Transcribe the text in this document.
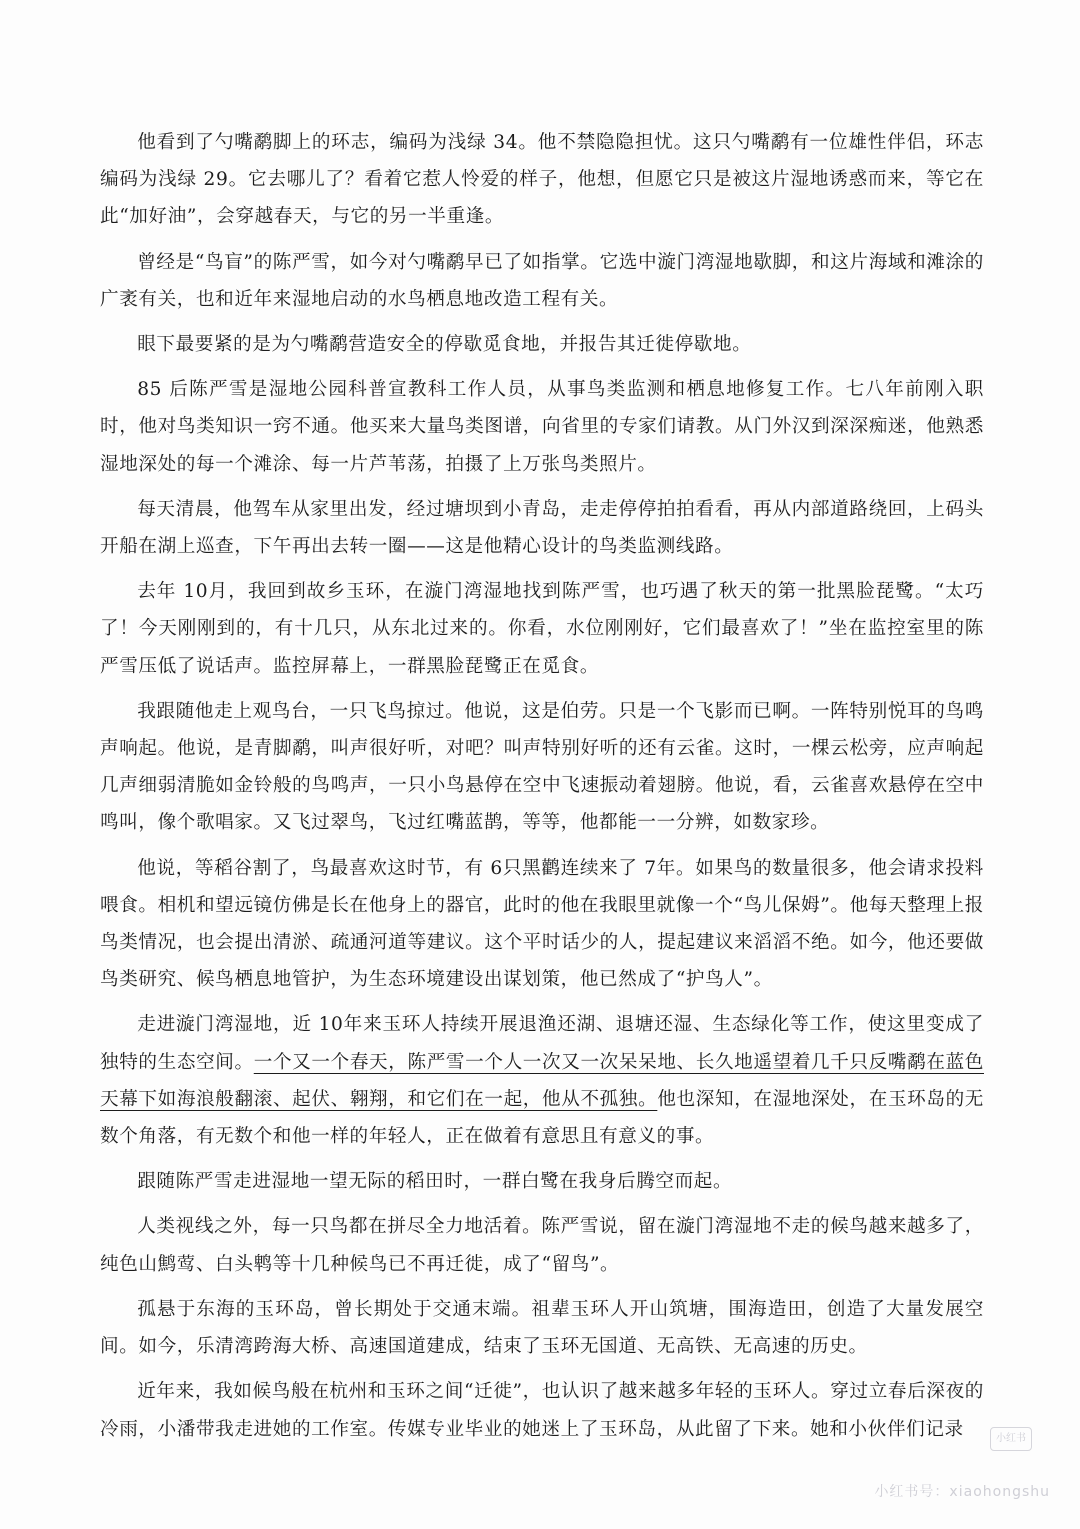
他看到了勺嘴鹬脚上的环志，编码为浅绿 34。他不禁隐隐担忧。这只勺嘴鹬有一位雄性伴侣，环志编码为浅绿 29。它去哪儿了？看着它惹人怜爱的样子，他想，但愿它只是被这片湿地诱惑而来，等它在此“加好油”，会穿越春天，与它的另一半重逢。

曾经是“鸟盲”的陈严雪，如今对勺嘴鹬早已了如指掌。它选中漩门湾湿地歇脚，和这片海域和滩涂的广袤有关，也和近年来湿地启动的水鸟栖息地改造工程有关。

眼下最要紧的是为勺嘴鹬营造安全的停歇觅食地，并报告其迁徙停歇地。

85 后陈严雪是湿地公园科普宣教科工作人员，从事鸟类监测和栖息地修复工作。七八年前刚入职时，他对鸟类知识一窍不通。他买来大量鸟类图谱，向省里的专家们请教。从门外汉到深深痴迷，他熟悉湿地深处的每一个滩涂、每一片芦苇荡，拍摄了上万张鸟类照片。

每天清晨，他驾车从家里出发，经过塘坝到小青岛，走走停停拍拍看看，再从内部道路绕回，上码头开船在湖上巡查，下午再出去转一圈——这是他精心设计的鸟类监测线路。

去年 10月，我回到故乡玉环，在漩门湾湿地找到陈严雪，也巧遇了秋天的第一批黑脸琵鹭。“太巧了！今天刚刚到的，有十几只，从东北过来的。你看，水位刚刚好，它们最喜欢了！”坐在监控室里的陈严雪压低了说话声。监控屏幕上，一群黑脸琵鹭正在觅食。

我跟随他走上观鸟台，一只飞鸟掠过。他说，这是伯劳。只是一个飞影而已啊。一阵特别悦耳的鸟鸣声响起。他说，是青脚鹬，叫声很好听，对吧？叫声特别好听的还有云雀。这时，一棵云松旁，应声响起几声细弱清脆如金铃般的鸟鸣声，一只小鸟悬停在空中飞速振动着翅膀。他说，看，云雀喜欢悬停在空中鸣叫，像个歌唱家。又飞过翠鸟，飞过红嘴蓝鹊，等等，他都能一一分辨，如数家珍。

他说，等稻谷割了，鸟最喜欢这时节，有 6只黑鹳连续来了 7年。如果鸟的数量很多，他会请求投料喂食。相机和望远镜仿佛是长在他身上的器官，此时的他在我眼里就像一个“鸟儿保姆”。他每天整理上报鸟类情况，也会提出清淤、疏通河道等建议。这个平时话少的人，提起建议来滔滔不绝。如今，他还要做鸟类研究、候鸟栖息地管护，为生态环境建设出谋划策，他已然成了“护鸟人”。

走进漩门湾湿地，近 10年来玉环人持续开展退渔还湖、退塘还湿、生态绿化等工作，使这里变成了独特的生态空间。一个又一个春天，陈严雪一个人一次又一次呆呆地、长久地遥望着几千只反嘴鹬在蓝色天幕下如海浪般翻滚、起伏、翱翔，和它们在一起，他从不孤独。他也深知，在湿地深处，在玉环岛的无数个角落，有无数个和他一样的年轻人，正在做着有意思且有意义的事。

跟随陈严雪走进湿地一望无际的稻田时，一群白鹭在我身后腾空而起。

人类视线之外，每一只鸟都在拼尽全力地活着。陈严雪说，留在漩门湾湿地不走的候鸟越来越多了，纯色山鹪莺、白头鹎等十几种候鸟已不再迁徙，成了“留鸟”。

孤悬于东海的玉环岛，曾长期处于交通末端。祖辈玉环人开山筑塘，围海造田，创造了大量发展空间。如今，乐清湾跨海大桥、高速国道建成，结束了玉环无国道、无高铁、无高速的历史。

近年来，我如候鸟般在杭州和玉环之间“迁徙”，也认识了越来越多年轻的玉环人。穿过立春后深夜的冷雨，小潘带我走进她的工作室。传媒专业毕业的她迷上了玉环岛，从此留了下来。她和小伙伴们记录	小红书
小红书号：xiaohongshu
